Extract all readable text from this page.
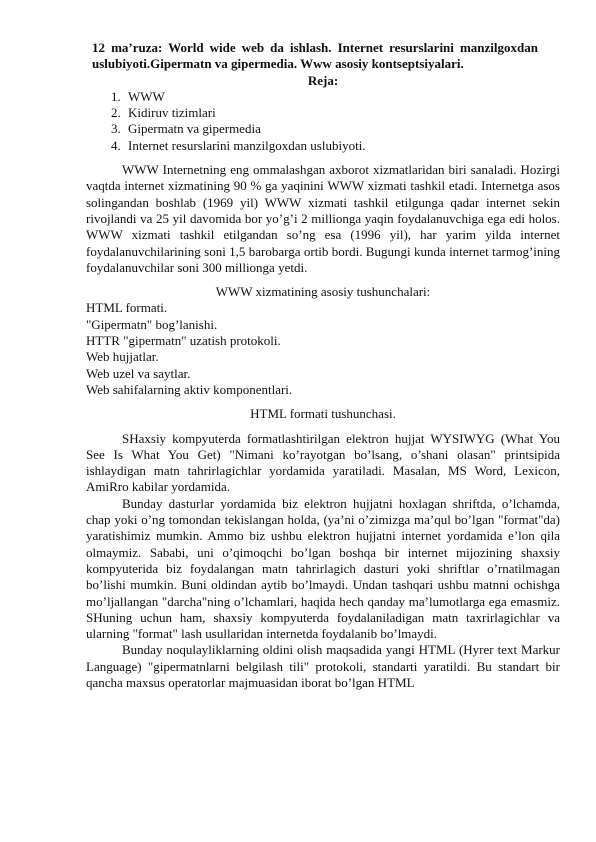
12 ma’ruza: World wide web da ishlash. Internet resurslarini manzilgoxdan uslubiyoti.Gipermatn va gipermedia. Www asosiy kontseptsiyalari.

Reja:

1. WWW
2. Kidiruv tizimlari
3. Gipermatn va gipermedia
4. Internet resurslarini manzilgoxdan uslubiyoti.

WWW Internetning eng ommalashgan axborot xizmatlaridan biri sanaladi. Hozirgi vaqtda internet xizmatining 90 % ga yaqinini WWW xizmati tashkil etadi. Internetga asos solingandan boshlab (1969 yil) WWW xizmati tashkil etilgunga qadar internet sekin rivojlandi va 25 yil davomida bor yo’g’i 2 millionga yaqin foydalanuvchiga ega edi holos. WWW xizmati tashkil etilgandan so’ng esa (1996 yil), har yarim yilda internet foydalanuvchilarining soni 1,5 barobarga ortib bordi. Bugungi kunda internet tarmog’ining foydalanuvchilar soni 300 millionga yetdi.

WWW xizmatining asosiy tushunchalari:

HTML formati.
"Gipermatn" bog’lanishi.
HTTR "gipermatn" uzatish protokoli.
Web hujjatlar.
Web uzel va saytlar.
Web sahifalarning aktiv komponentlari.

HTML formati tushunchasi.

SHaxsiy kompyuterda formatlashtirilgan elektron hujjat WYSIWYG (What You See Is What You Get) "Nimani ko’rayotgan bo’lsang, o’shani olasan" printsipida ishlaydigan matn tahrirlagichlar yordamida yaratiladi. Masalan, MS Word, Lexicon, AmiRro kabilar yordamida.

Bunday dasturlar yordamida biz elektron hujjatni hoxlagan shriftda, o’lchamda, chap yoki o’ng tomondan tekislangan holda, (ya’ni o’zimizga ma’qul bo’lgan "format"da) yaratishimiz mumkin. Ammo biz ushbu elektron hujjatni internet yordamida e’lon qila olmaymiz. Sababi, uni o’qimoqchi bo’lgan boshqa bir internet mijozining shaxsiy kompyuterida biz foydalangan matn tahrirlagich dasturi yoki shriftlar o’rnatilmagan bo’lishi mumkin. Buni oldindan aytib bo’lmaydi. Undan tashqari ushbu matnni ochishga mo’ljallangan "darcha"ning o’lchamlari, haqida hech qanday ma’lumotlarga ega emasmiz. SHuning uchun ham, shaxsiy kompyuterda foydalaniladigan matn taxrirlagichlar va ularning "format" lash usullaridan internetda foydalanib bo’lmaydi.

Bunday noqulayliklarning oldini olish maqsadida yangi HTML (Hyrer text Markur Language) "gipermatnlarni belgilash tili" protokoli, standarti yaratildi. Bu standart bir qancha maxsus operatorlar majmuasidan iborat bo’lgan HTML
